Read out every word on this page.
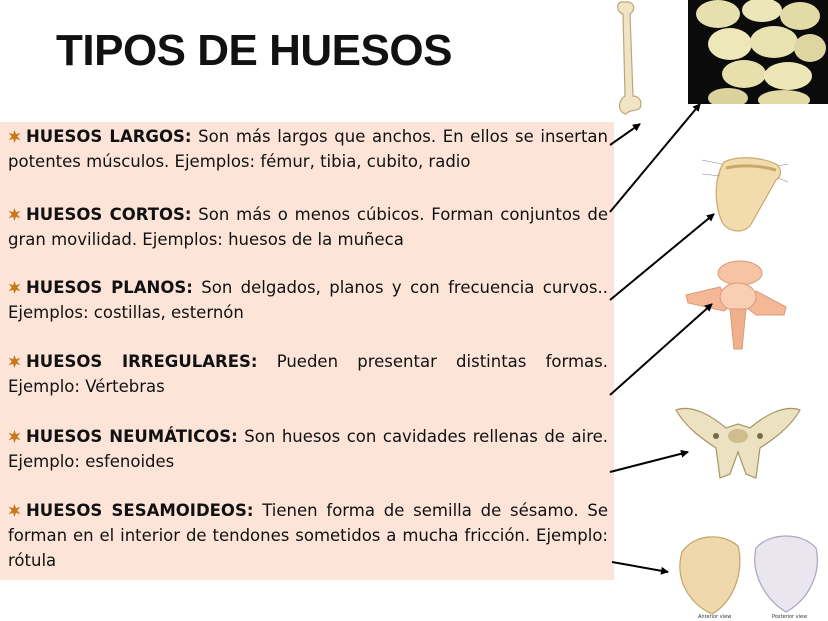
TIPOS DE HUESOS

HUESOS LARGOS: Son más largos que anchos. En ellos se insertan potentes músculos. Ejemplos: fémur, tibia, cubito, radio

HUESOS CORTOS: Son más o menos cúbicos. Forman conjuntos de gran movilidad. Ejemplos: huesos de la muñeca

HUESOS PLANOS: Son delgados, planos y con frecuencia curvos.. Ejemplos: costillas, esternón

HUESOS IRREGULARES: Pueden presentar distintas formas. Ejemplo: Vértebras

HUESOS NEUMÁTICOS: Son huesos con cavidades rellenas de aire. Ejemplo: esfenoides

HUESOS SESAMOIDEOS: Tienen forma de semilla de sésamo. Se forman en el interior de tendones sometidos a mucha fricción. Ejemplo: rótula

Anterior view	Posterior view
